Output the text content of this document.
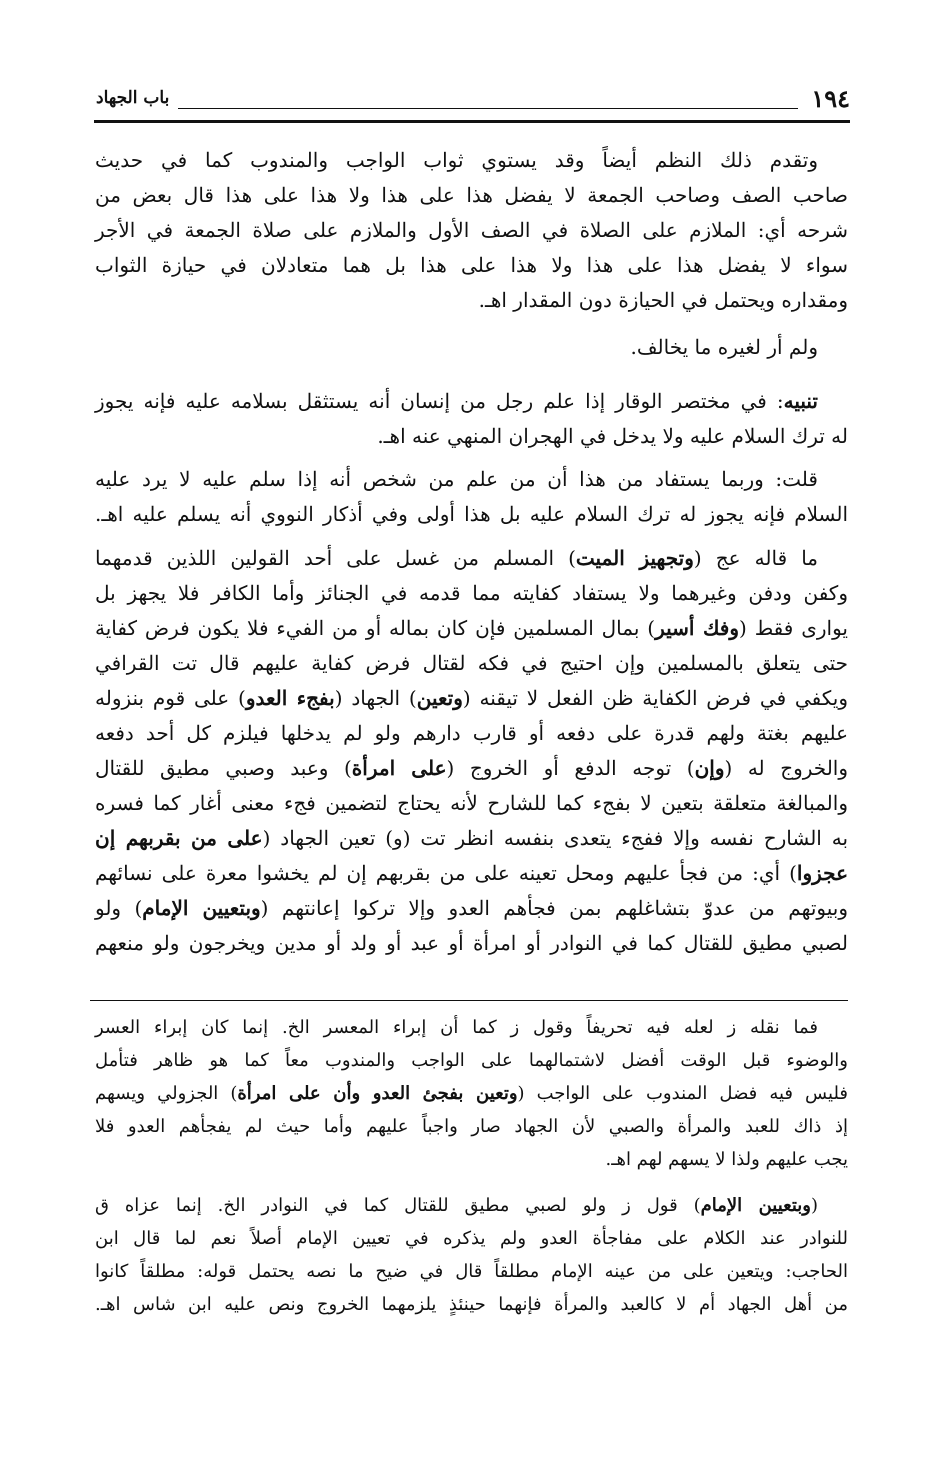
١٩٤
باب الجهاد
وتقدم ذلك النظم أيضاً وقد يستوي ثواب الواجب والمندوب كما في حديث
صاحب الصف وصاحب الجمعة لا يفضل هذا على هذا ولا هذا على هذا قال بعض من
شرحه أي: الملازم على الصلاة في الصف الأول والملازم على صلاة الجمعة في الأجر
سواء لا يفضل هذا على هذا ولا هذا على هذا بل هما متعادلان في حيازة الثواب
ومقداره ويحتمل في الحيازة دون المقدار اهـ.
ولم أر لغيره ما يخالف.
تنبيه: في مختصر الوقار إذا علم رجل من إنسان أنه يستثقل بسلامه عليه فإنه يجوز
له ترك السلام عليه ولا يدخل في الهجران المنهي عنه اهـ.
قلت: وربما يستفاد من هذا أن من علم من شخص أنه إذا سلم عليه لا يرد عليه
السلام فإنه يجوز له ترك السلام عليه بل هذا أولى وفي أذكار النووي أنه يسلم عليه اهـ.
ما قاله عج (وتجهيز الميت) المسلم من غسل على أحد القولين اللذين قدمهما
وكفن ودفن وغيرهما ولا يستفاد كفايته مما قدمه في الجنائز وأما الكافر فلا يجهز بل
يوارى فقط (وفك أسير) بمال المسلمين فإن كان بماله أو من الفيء فلا يكون فرض كفاية
حتى يتعلق بالمسلمين وإن احتيج في فكه لقتال فرض كفاية عليهم قال تت القرافي
ويكفي في فرض الكفاية ظن الفعل لا تيقنه (وتعين) الجهاد (بفجء العدو) على قوم بنزوله
عليهم بغتة ولهم قدرة على دفعه أو قارب دارهم ولو لم يدخلها فيلزم كل أحد دفعه
والخروج له (وإن) توجه الدفع أو الخروج (على امرأة) وعبد وصبي مطيق للقتال
والمبالغة متعلقة بتعين لا بفجء كما للشارح لأنه يحتاج لتضمين فجء معنى أغار كما فسره
به الشارح نفسه وإلا ففجء يتعدى بنفسه انظر تت (و) تعين الجهاد (على من بقربهم إن
عجزوا) أي: من فجأ عليهم ومحل تعينه على من بقربهم إن لم يخشوا معرة على نسائهم
وبيوتهم من عدوّ بتشاغلهم بمن فجأهم العدو وإلا تركوا إعانتهم (وبتعيين الإمام) ولو
لصبي مطيق للقتال كما في النوادر أو امرأة أو عبد أو ولد أو مدين ويخرجون ولو منعهم
فما نقله ز لعله فيه تحريفاً وقول ز كما أن إبراء المعسر الخ. إنما كان إبراء العسر
والوضوء قبل الوقت أفضل لاشتمالهما على الواجب والمندوب معاً كما هو ظاهر فتأمل
فليس فيه فضل المندوب على الواجب (وتعين بفجئ العدو وأن على امرأة) الجزولي ويسهم
إذ ذاك للعبد والمرأة والصبي لأن الجهاد صار واجباً عليهم وأما حيث لم يفجأهم العدو فلا
يجب عليهم ولذا لا يسهم لهم اهـ.
(وبتعيين الإمام) قول ز ولو لصبي مطيق للقتال كما في النوادر الخ. إنما عزاه ق
للنوادر عند الكلام على مفاجأة العدو ولم يذكره في تعيين الإمام أصلاً نعم لما قال ابن
الحاجب: ويتعين على من عينه الإمام مطلقاً قال في ضيح ما نصه يحتمل قوله: مطلقاً كانوا
من أهل الجهاد أم لا كالعبد والمرأة فإنهما حينئذٍ يلزمهما الخروج ونص عليه ابن شاس اهـ.
